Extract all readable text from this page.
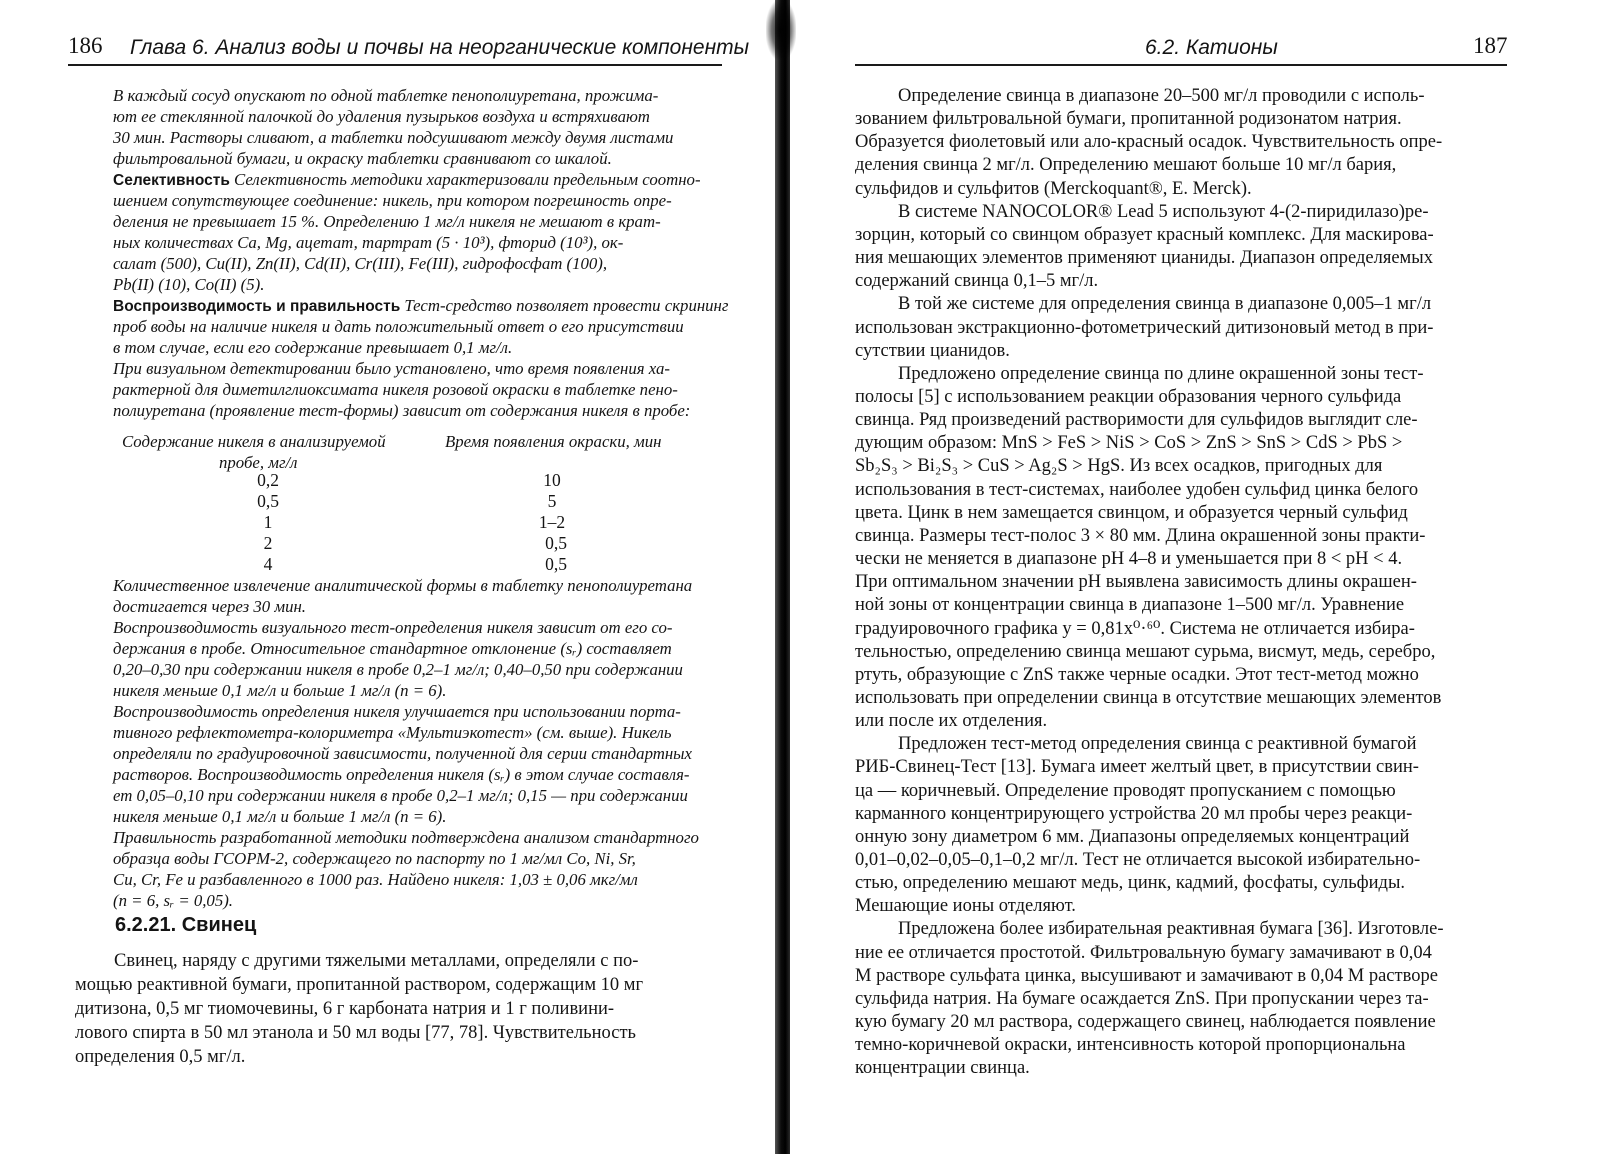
186 Глава 6. Анализ воды и почвы на неорганические компоненты
В каждый сосуд опускают по одной таблетке пенополиуретана, прожима-
ют ее стеклянной палочкой до удаления пузырьков воздуха и встряхивают
30 мин. Растворы сливают, а таблетки подсушивают между двумя листами
фильтровальной бумаги, и окраску таблетки сравнивают со шкалой.
Селективность Селективность методики характеризовали предельным соотно-
шением сопутствующее соединение: никель, при котором погрешность опре-
деления не превышает 15 %. Определению 1 мг/л никеля не мешают в крат-
ных количествах Ca, Mg, ацетат, тартрат (5 · 10³), фторид (10³), ок-
салат (500), Cu(II), Zn(II), Cd(II), Cr(III), Fe(III), гидрофосфат (100),
Pb(II) (10), Co(II) (5).
Воспроизводимость и правильность Тест-средство позволяет провести скрининг
проб воды на наличие никеля и дать положительный ответ о его присутствии
в том случае, если его содержание превышает 0,1 мг/л.
При визуальном детектировании было установлено, что время появления ха-
рактерной для диметилглиоксимата никеля розовой окраски в таблетке пено-
полиуретана (проявление тест-формы) зависит от содержания никеля в пробе:
Содержание никеля в анализируемой
пробе, мг/л
Время появления окраски, мин
0,2	10
0,5	5
1	1–2
2	0,5
4	0,5
Количественное извлечение аналитической формы в таблетку пенополиуретана
достигается через 30 мин.
Воспроизводимость визуального тест-определения никеля зависит от его со-
держания в пробе. Относительное стандартное отклонение (sᵣ) составляет
0,20–0,30 при содержании никеля в пробе 0,2–1 мг/л; 0,40–0,50 при содержании
никеля меньше 0,1 мг/л и больше 1 мг/л (n = 6).
Воспроизводимость определения никеля улучшается при использовании порта-
тивного рефлектометра-колориметра «Мультиэкотест» (см. выше). Никель
определяли по градуировочной зависимости, полученной для серии стандартных
растворов. Воспроизводимость определения никеля (sᵣ) в этом случае составля-
ет 0,05–0,10 при содержании никеля в пробе 0,2–1 мг/л; 0,15 — при содержании
никеля меньше 0,1 мг/л и больше 1 мг/л (n = 6).
Правильность разработанной методики подтверждена анализом стандартного
образца воды ГСОРМ-2, содержащего по паспорту по 1 мг/мл Co, Ni, Sr,
Cu, Cr, Fe и разбавленного в 1000 раз. Найдено никеля: 1,03 ± 0,06 мкг/мл
(n = 6, sᵣ = 0,05).
6.2.21. Свинец
Свинец, наряду с другими тяжелыми металлами, определяли с по-
мощью реактивной бумаги, пропитанной раствором, содержащим 10 мг
дитизона, 0,5 мг тиомочевины, 6 г карбоната натрия и 1 г поливини-
лового спирта в 50 мл этанола и 50 мл воды [77, 78]. Чувствительность
определения 0,5 мг/л.
6.2. Катионы	187
Определение свинца в диапазоне 20–500 мг/л проводили с исполь-
зованием фильтровальной бумаги, пропитанной родизонатом натрия.
Образуется фиолетовый или ало-красный осадок. Чувствительность опре-
деления свинца 2 мг/л. Определению мешают больше 10 мг/л бария,
сульфидов и сульфитов (Merckoquant®, E. Merck).
В системе NANOCOLOR® Lead 5 используют 4-(2-пиридилазо)ре-
зорцин, который со свинцом образует красный комплекс. Для маскирова-
ния мешающих элементов применяют цианиды. Диапазон определяемых
содержаний свинца 0,1–5 мг/л.
В той же системе для определения свинца в диапазоне 0,005–1 мг/л
использован экстракционно-фотометрический дитизоновый метод в при-
сутствии цианидов.
Предложено определение свинца по длине окрашенной зоны тест-
полосы [5] с использованием реакции образования черного сульфида
свинца. Ряд произведений растворимости для сульфидов выглядит сле-
дующим образом: MnS > FeS > NiS > CoS > ZnS > SnS > CdS > PbS >
Sb₂S₃ > Bi₂S₃ > CuS > Ag₂S > HgS. Из всех осадков, пригодных для
использования в тест-системах, наиболее удобен сульфид цинка белого
цвета. Цинк в нем замещается свинцом, и образуется черный сульфид
свинца. Размеры тест-полос 3 × 80 мм. Длина окрашенной зоны практи-
чески не меняется в диапазоне pH 4–8 и уменьшается при 8 < pH < 4.
При оптимальном значении pH выявлена зависимость длины окрашен-
ной зоны от концентрации свинца в диапазоне 1–500 мг/л. Уравнение
градуировочного графика y = 0,81x⁰·⁶⁰. Система не отличается избира-
тельностью, определению свинца мешают сурьма, висмут, медь, серебро,
ртуть, образующие с ZnS также черные осадки. Этот тест-метод можно
использовать при определении свинца в отсутствие мешающих элементов
или после их отделения.
Предложен тест-метод определения свинца с реактивной бумагой
РИБ-Свинец-Тест [13]. Бумага имеет желтый цвет, в присутствии свин-
ца — коричневый. Определение проводят пропусканием с помощью
карманного концентрирующего устройства 20 мл пробы через реакци-
онную зону диаметром 6 мм. Диапазоны определяемых концентраций
0,01–0,02–0,05–0,1–0,2 мг/л. Тест не отличается высокой избирательно-
стью, определению мешают медь, цинк, кадмий, фосфаты, сульфиды.
Мешающие ионы отделяют.
Предложена более избирательная реактивная бумага [36]. Изготовле-
ние ее отличается простотой. Фильтровальную бумагу замачивают в 0,04
M растворе сульфата цинка, высушивают и замачивают в 0,04 M растворе
сульфида натрия. На бумаге осаждается ZnS. При пропускании через та-
кую бумагу 20 мл раствора, содержащего свинец, наблюдается появление
темно-коричневой окраски, интенсивность которой пропорциональна
концентрации свинца.
